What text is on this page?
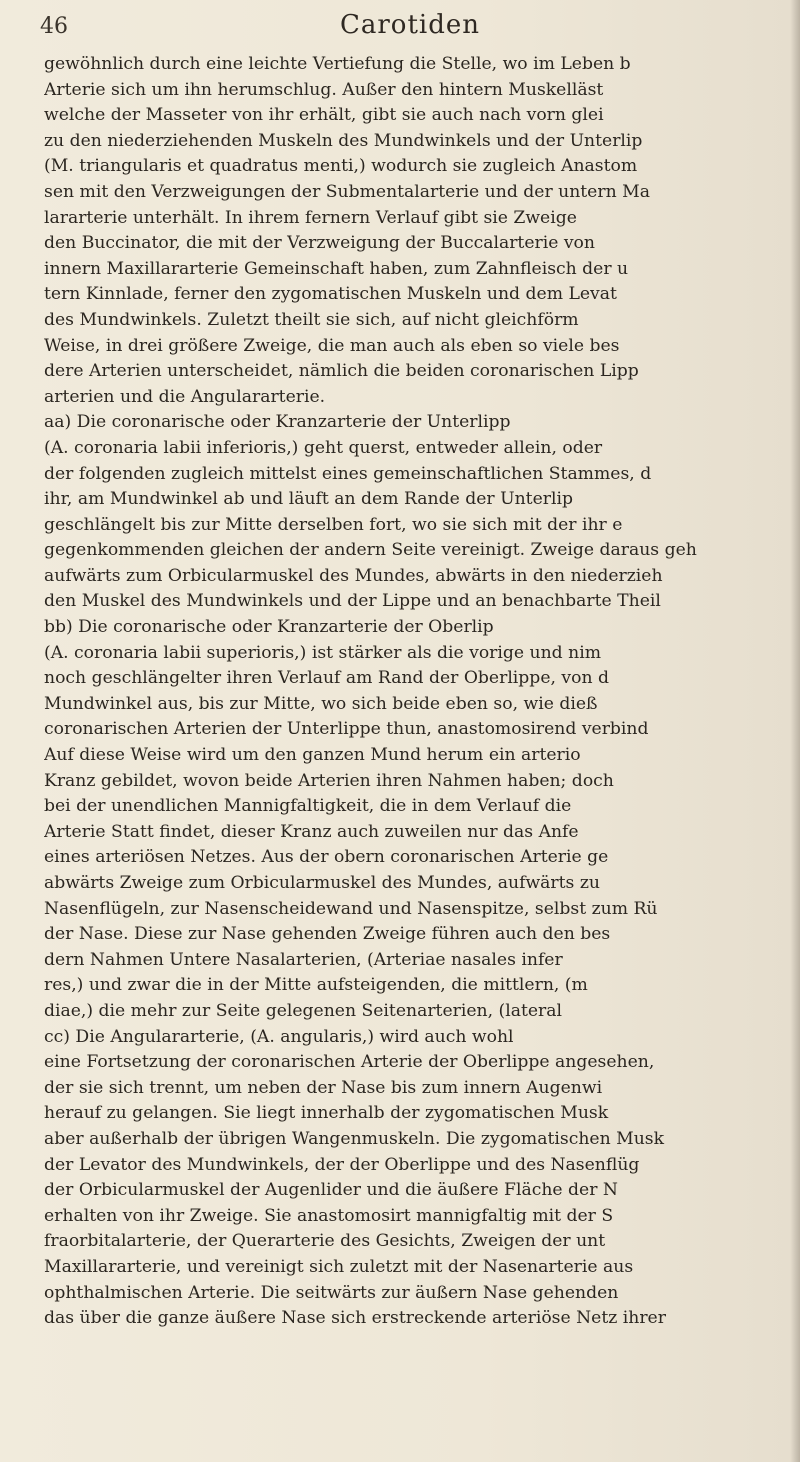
46	Carotiden
gewöhnlich durch eine leichte Vertiefung die Stelle, wo im Leben b
Arterie sich um ihn herumschlug. Außer den hintern Muskelläst
welche der Masseter von ihr erhält, gibt sie auch nach vorn glei
zu den niederziehenden Muskeln des Mundwinkels und der Unterlip
(M. triangularis et quadratus menti,) wodurch sie zugleich Anastom
sen mit den Verzweigungen der Submentalarterie und der untern Ma
lararterie unterhält. In ihrem fernern Verlauf gibt sie Zweige
den Buccinator, die mit der Verzweigung der Buccalarterie von
innern Maxillararterie Gemeinschaft haben, zum Zahnfleisch der u
tern Kinnlade, ferner den zygomatischen Muskeln und dem Levat
des Mundwinkels. Zuletzt theilt sie sich, auf nicht gleichförm
Weise, in drei größere Zweige, die man auch als eben so viele bes
dere Arterien unterscheidet, nämlich die beiden coronarischen Lipp
arterien und die Angulararterie.
aa) Die coronarische oder Kranzarterie der Unterlipp
(A. coronaria labii inferioris,) geht querst, entweder allein, oder
der folgenden zugleich mittelst eines gemeinschaftlichen Stammes, d
ihr, am Mundwinkel ab und läuft an dem Rande der Unterlip
geschlängelt bis zur Mitte derselben fort, wo sie sich mit der ihr e
gegenkommenden gleichen der andern Seite vereinigt. Zweige daraus geh
aufwärts zum Orbicularmuskel des Mundes, abwärts in den niederzieh
den Muskel des Mundwinkels und der Lippe und an benachbarte Theil
bb) Die coronarische oder Kranzarterie der Oberlip
(A. coronaria labii superioris,) ist stärker als die vorige und nim
noch geschlängelter ihren Verlauf am Rand der Oberlippe, von d
Mundwinkel aus, bis zur Mitte, wo sich beide eben so, wie dieß
coronarischen Arterien der Unterlippe thun, anastomosirend verbind
Auf diese Weise wird um den ganzen Mund herum ein arterio
Kranz gebildet, wovon beide Arterien ihren Nahmen haben; doch
bei der unendlichen Mannigfaltigkeit, die in dem Verlauf die
Arterie Statt findet, dieser Kranz auch zuweilen nur das Anfe
eines arteriösen Netzes. Aus der obern coronarischen Arterie ge
abwärts Zweige zum Orbicularmuskel des Mundes, aufwärts zu
Nasenflügeln, zur Nasenscheidewand und Nasenspitze, selbst zum Rü
der Nase. Diese zur Nase gehenden Zweige führen auch den bes
dern Nahmen Untere Nasalarterien, (Arteriae nasales infer
res,) und zwar die in der Mitte aufsteigenden, die mittlern, (m
diae,) die mehr zur Seite gelegenen Seitenarterien, (lateral
cc) Die Angulararterie, (A. angularis,) wird auch wohl
eine Fortsetzung der coronarischen Arterie der Oberlippe angesehen,
der sie sich trennt, um neben der Nase bis zum innern Augenwi
herauf zu gelangen. Sie liegt innerhalb der zygomatischen Musk
aber außerhalb der übrigen Wangenmuskeln. Die zygomatischen Musk
der Levator des Mundwinkels, der der Oberlippe und des Nasenflüg
der Orbicularmuskel der Augenlider und die äußere Fläche der N
erhalten von ihr Zweige. Sie anastomosirt mannigfaltig mit der S
fraorbitalarterie, der Querarterie des Gesichts, Zweigen der unt
Maxillararterie, und vereinigt sich zuletzt mit der Nasenarterie aus
ophthalmischen Arterie. Die seitwärts zur äußern Nase gehenden
das über die ganze äußere Nase sich erstreckende arteriöse Netz ihrer
